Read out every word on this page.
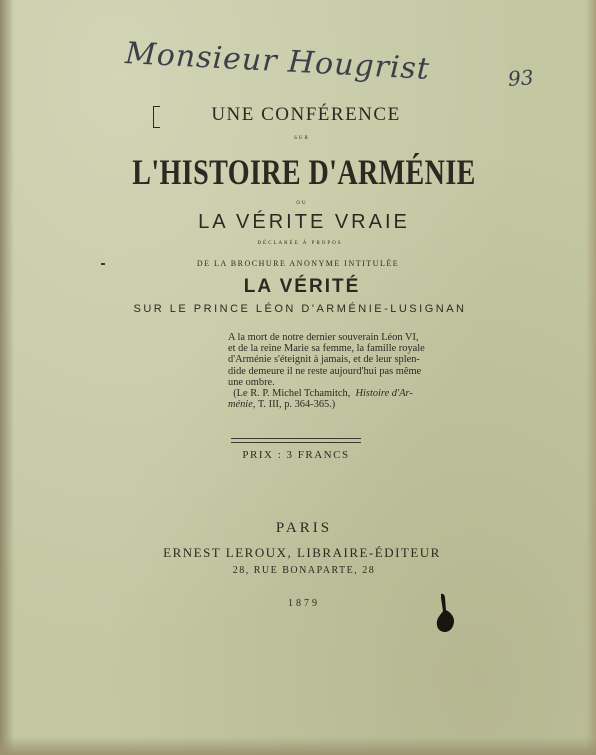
Monsieur Hougrist	93
UNE CONFÉRENCE
SUR
L'HISTOIRE D'ARMÉNIE
OU
LA VÉRITE VRAIE
DÉCLARÉE À PROPOS
DE LA BROCHURE ANONYME INTITULÉE
LA VÉRITÉ
SUR LE PRINCE LÉON D'ARMÉNIE-LUSIGNAN
A la mort de notre dernier souverain Léon VI,
et de la reine Marie sa femme, la famille royale
d'Arménie s'éteignit à jamais, et de leur splen-
dide demeure il ne reste aujourd'hui pas même
une ombre.
(Le R. P. Michel Tchamitch, Histoire d'Ar-
ménie, T. III, p. 364-365.)
PRIX : 3 FRANCS
PARIS
ERNEST LEROUX, LIBRAIRE-ÉDITEUR
28, RUE BONAPARTE, 28
1879
